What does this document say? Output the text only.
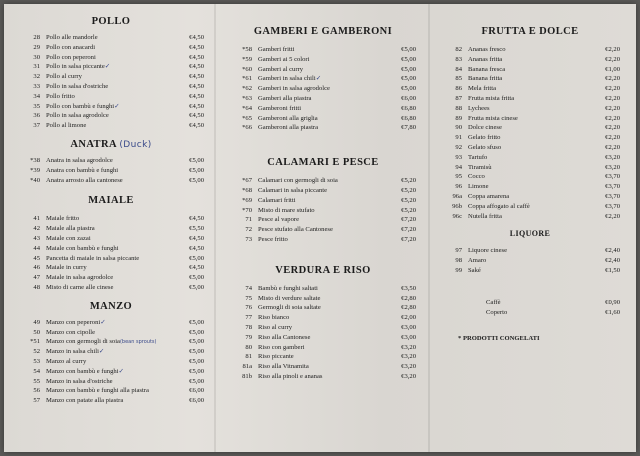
POLLO
28 Pollo alle mandorle	€4,50
29 Pollo con anacardi	€4,50
30 Pollo con peperoni	€4,50
31 Pollo in salsa piccante✓	€4,50
32 Pollo al curry	€4,50
33 Pollo in salsa d'ostriche	€4,50
34 Pollo fritto	€4,50
35 Pollo con bambù e funghi✓	€4,50
36 Pollo in salsa agrodolce	€4,50
37 Pollo al limone	€4,50
ANATRA (Duck)
*38 Anatra in salsa agrodolce	€5,00
*39 Anatra con bambù e funghi	€5,00
*40 Anatra arrosto alla cantonese	€5,00
MAIALE
41 Maiale fritto	€4,50
42 Maiale alla piastra	€5,50
43 Maiale con zazai	€4,50
44 Maiale con bambù e funghi	€4,50
45 Pancetta di maiale in salsa piccante	€5,00
46 Maiale in curry	€4,50
47 Maiale in salsa agrodolce	€5,00
48 Misto di carne alle cinese	€5,00
MANZO
49 Manzo con peperoni✓	€5,00
50 Manzo con cipolle	€5,00
*51 Manzo con germogli di soia(bean sprouts)	€5,00
52 Manzo in salsa chili✓	€5,00
53 Manzo al curry	€5,00
54 Manzo con bambù e funghi✓	€5,00
55 Manzo in salsa d'ostriche	€5,00
56 Manzo con bambù e funghi alla piastra	€6,00
57 Manzo con patate alla piastra	€6,00
GAMBERI E GAMBERONI
*58 Gamberi fritti	€5,00
*59 Gamberi ai 5 colori	€5,00
*60 Gamberi al curry	€5,00
*61 Gamberi in salsa chili✓	€5,00
*62 Gamberi in salsa agrodolce	€5,00
*63 Gamberi alla piastra	€6,00
*64 Gamberoni fritti	€6,80
*65 Gamberoni alla griglia	€6,80
*66 Gamberoni alla piastra	€7,80
CALAMARI E PESCE
*67 Calamari con germogli di soia	€5,20
*68 Calamari in salsa piccante	€5,20
*69 Calamari fritti	€5,20
*70 Misto di mare stufato	€5,20
71 Pesce al vapore	€7,20
72 Pesce stufato alla Cantonese	€7,20
73 Pesce fritto	€7,20
VERDURA E RISO
74 Bambù e funghi saltati	€3,50
75 Misto di verdure saltate	€2,80
76 Germogli di soia saltate	€2,80
77 Riso bianco	€2,00
78 Riso al curry	€3,00
79 Riso alla Cantonese	€3,00
80 Riso con gamberi	€3,20
81 Riso piccante	€3,20
81a Riso alla Vitnamita	€3,20
81b Riso alla pinoli e ananas	€3,20
FRUTTA E DOLCE
82 Ananas fresco	€2,20
83 Ananas fritta	€2,20
84 Banana fresca	€1,00
85 Banana fritta	€2,20
86 Mela fritta	€2,20
87 Frutta mista fritta	€2,20
88 Lychees	€2,20
89 Frutta mista cinese	€2,20
90 Dolce cinese	€2,20
91 Gelato fritto	€2,20
92 Gelato sfuso	€2,20
93 Tartufo	€3,20
94 Tiramisù	€3,20
95 Cocco	€3,70
96 Limone	€3,70
96a Coppa amarena	€3,70
96b Coppa affogato al caffè	€3,70
96c Nutella fritta	€2,20
LIQUORE
97 Liquore cinese	€2,40
98 Amaro	€2,40
99 Saké	€1,50
Caffè	€0,90
Coperto	€1,60
* PRODOTTI CONGELATI
